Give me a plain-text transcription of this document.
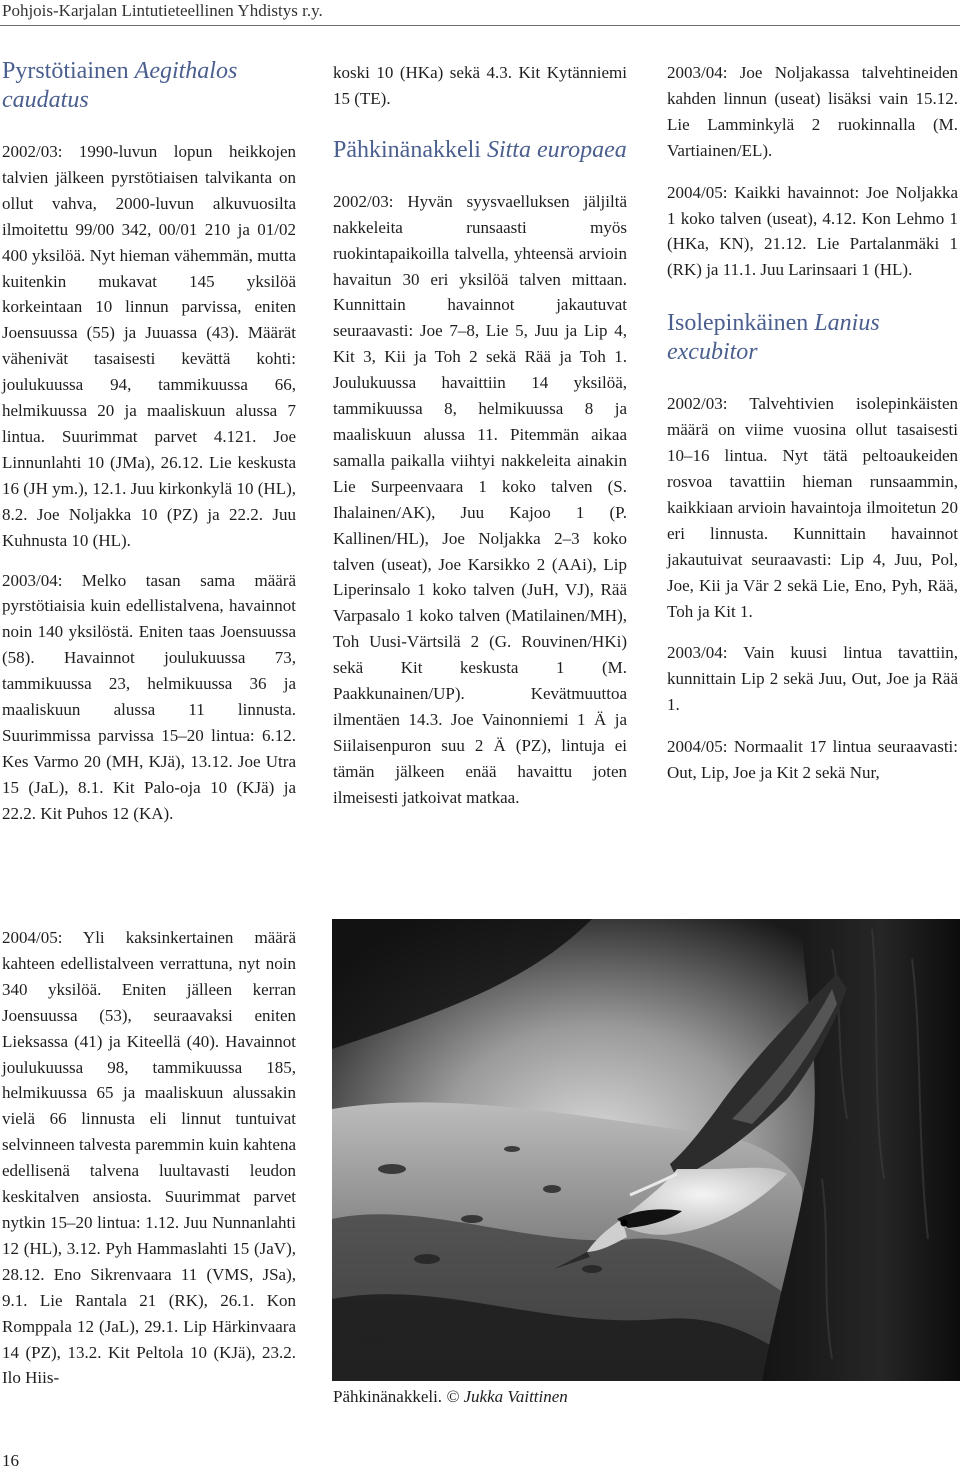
Pohjois-Karjalan Lintutieteellinen Yhdistys r.y.

Pyrstötiainen Aegithalos caudatus

2002/03: 1990-luvun lopun heikkojen talvien jälkeen pyrstötiaisen talvikanta on ollut vahva, 2000-luvun alkuvuosilta ilmoitettu 99/00 342, 00/01 210 ja 01/02 400 yksilöä. Nyt hieman vähemmän, mutta kuitenkin mukavat 145 yksilöä korkeintaan 10 linnun parvissa, eniten Joensuussa (55) ja Juuassa (43). Määrät vähenivät tasaisesti kevättä kohti: joulukuussa 94, tammikuussa 66, helmikuussa 20 ja maaliskuun alussa 7 lintua. Suurimmat parvet 4.121. Joe Linnunlahti 10 (JMa), 26.12. Lie keskusta 16 (JH ym.), 12.1. Juu kirkonkylä 10 (HL), 8.2. Joe Noljakka 10 (PZ) ja 22.2. Juu Kuhnusta 10 (HL).

2003/04: Melko tasan sama määrä pyrstötiaisia kuin edellistalvena, havainnot noin 140 yksilöstä. Eniten taas Joensuussa (58). Havainnot joulukuussa 73, tammikuussa 23, helmikuussa 36 ja maaliskuun alussa 11 linnusta. Suurimmissa parvissa 15–20 lintua: 6.12. Kes Varmo 20 (MH, KJä), 13.12. Joe Utra 15 (JaL), 8.1. Kit Palo-oja 10 (KJä) ja 22.2. Kit Puhos 12 (KA).

2004/05: Yli kaksinkertainen määrä kahteen edellistalveen verrattuna, nyt noin 340 yksilöä. Eniten jälleen kerran Joensuussa (53), seuraavaksi eniten Lieksassa (41) ja Kiteellä (40). Havainnot joulukuussa 98, tammikuussa 185, helmikuussa 65 ja maaliskuun alussakin vielä 66 linnusta eli linnut tuntuivat selvinneen talvesta paremmin kuin kahtena edellisenä talvena luultavasti leudon keskitalven ansiosta. Suurimmat parvet nytkin 15–20 lintua: 1.12. Juu Nunnanlahti 12 (HL), 3.12. Pyh Hammaslahti 15 (JaV), 28.12. Eno Sikrenvaara 11 (VMS, JSa), 9.1. Lie Rantala 21 (RK), 26.1. Kon Romppala 12 (JaL), 29.1. Lip Härkinvaara 14 (PZ), 13.2. Kit Peltola 10 (KJä), 23.2. Ilo Hiis-

koski 10 (HKa) sekä 4.3. Kit Kytänniemi 15 (TE).

Pähkinänakkeli Sitta europaea

2002/03: Hyvän syysvaelluksen jäljiltä nakkeleita runsaasti myös ruokintapaikoilla talvella, yhteensä arvioin havaitun 30 eri yksilöä talven mittaan. Kunnittain havainnot jakautuvat seuraavasti: Joe 7–8, Lie 5, Juu ja Lip 4, Kit 3, Kii ja Toh 2 sekä Rää ja Toh 1. Joulukuussa havaittiin 14 yksilöä, tammikuussa 8, helmikuussa 8 ja maaliskuun alussa 11. Pitemmän aikaa samalla paikalla viihtyi nakkeleita ainakin Lie Surpeenvaara 1 koko talven (S. Ihalainen/AK), Juu Kajoo 1 (P. Kallinen/HL), Joe Noljakka 2–3 koko talven (useat), Joe Karsikko 2 (AAi), Lip Liperinsalo 1 koko talven (JuH, VJ), Rää Varpasalo 1 koko talven (Matilainen/MH), Toh Uusi-Värtsilä 2 (G. Rouvinen/HKi) sekä Kit keskusta 1 (M. Paakkunainen/UP). Kevätmuuttoa ilmentäen 14.3. Joe Vainonniemi 1 Ä ja Siilaisenpuron suu 2 Ä (PZ), lintuja ei tämän jälkeen enää havaittu joten ilmeisesti jatkoivat matkaa.

2003/04: Joe Noljakassa talvehtineiden kahden linnun (useat) lisäksi vain 15.12. Lie Lamminkylä 2 ruokinnalla (M. Vartiainen/EL).

2004/05: Kaikki havainnot: Joe Noljakka 1 koko talven (useat), 4.12. Kon Lehmo 1 (HKa, KN), 21.12. Lie Partalanmäki 1 (RK) ja 11.1. Juu Larinsaari 1 (HL).

Isolepinkäinen Lanius excubitor

2002/03: Talvehtivien isolepinkäisten määrä on viime vuosina ollut tasaisesti 10–16 lintua. Nyt tätä peltoaukeiden rosvoa tavattiin hieman runsaammin, kaikkiaan arvioin havaintoja ilmoitetun 20 eri linnusta. Kunnittain havainnot jakautuivat seuraavasti: Lip 4, Juu, Pol, Joe, Kii ja Vär 2 sekä Lie, Eno, Pyh, Rää, Toh ja Kit 1.

2003/04: Vain kuusi lintua tavattiin, kunnittain Lip 2 sekä Juu, Out, Joe ja Rää 1.

2004/05: Normaalit 17 lintua seuraavasti: Out, Lip, Joe ja Kit 2 sekä Nur,

Pähkinänakkeli. © Jukka Vaittinen
16
